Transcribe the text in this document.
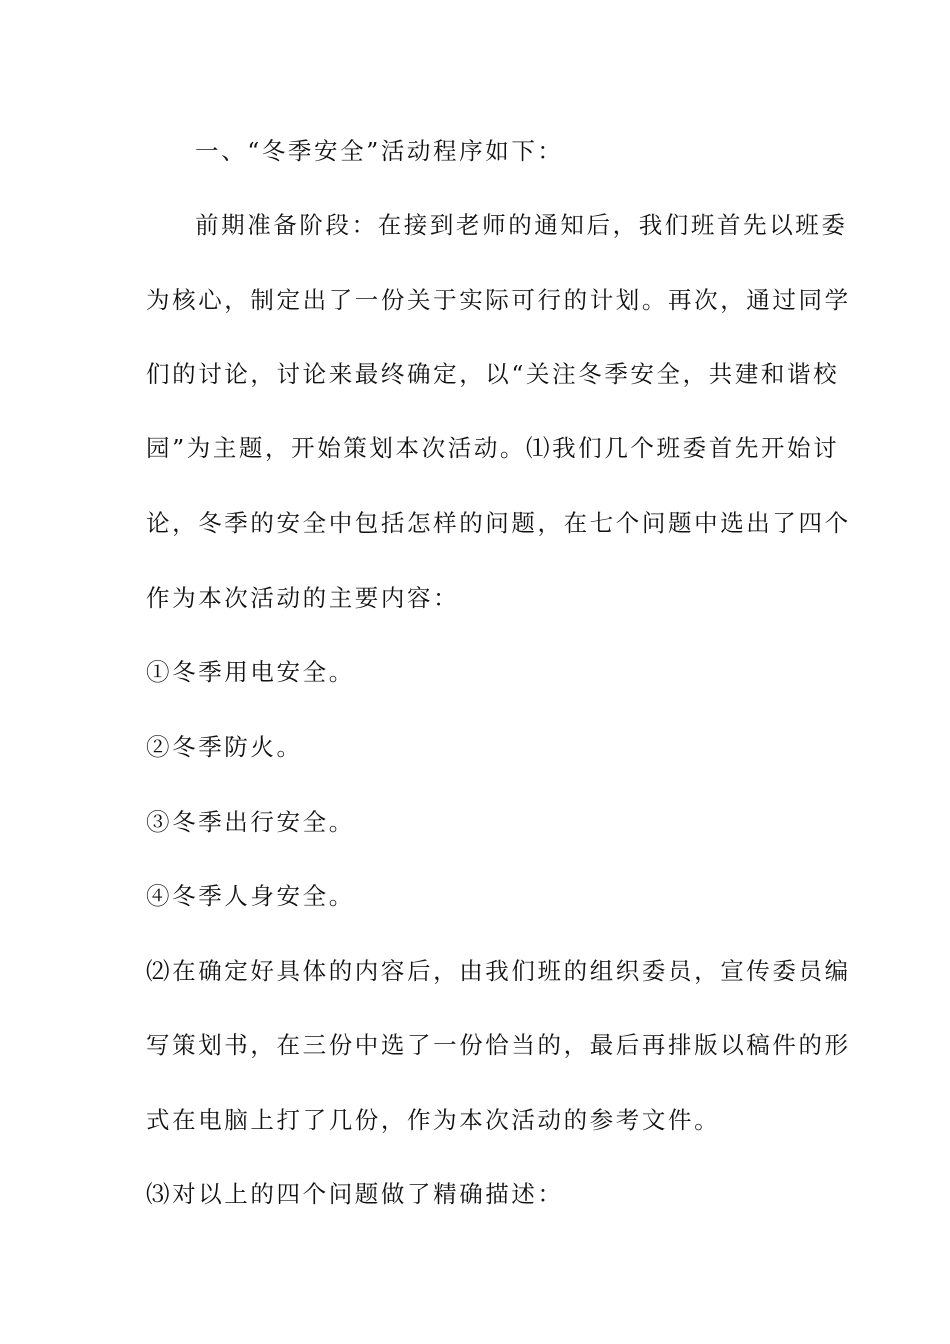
一、“冬季安全”活动程序如下：
前期准备阶段：在接到老师的通知后，我们班首先以班委
为核心，制定出了一份关于实际可行的计划。再次，通过同学
们的讨论，讨论来最终确定，以“关注冬季安全，共建和谐校
园”为主题，开始策划本次活动。⑴我们几个班委首先开始讨
论，冬季的安全中包括怎样的问题，在七个问题中选出了四个
作为本次活动的主要内容：
①冬季用电安全。
②冬季防火。
③冬季出行安全。
④冬季人身安全。
⑵在确定好具体的内容后，由我们班的组织委员，宣传委员编
写策划书，在三份中选了一份恰当的，最后再排版以稿件的形
式在电脑上打了几份，作为本次活动的参考文件。
⑶对以上的四个问题做了精确描述：
